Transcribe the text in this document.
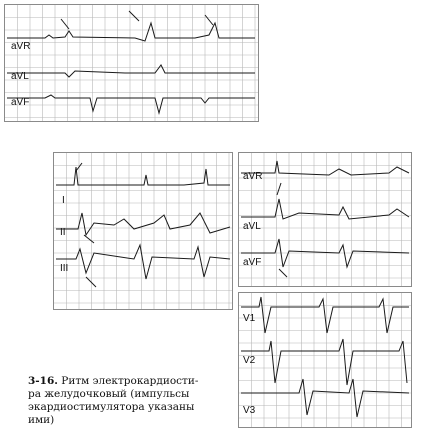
aVR
aVL
aVF
I
II
III
aVR
aVL
aVF
V1
V2
V3
3-16. Ритм электрокардиости-
ра желудочковый (импульсы
экардиостимулятора указаны
ими)
